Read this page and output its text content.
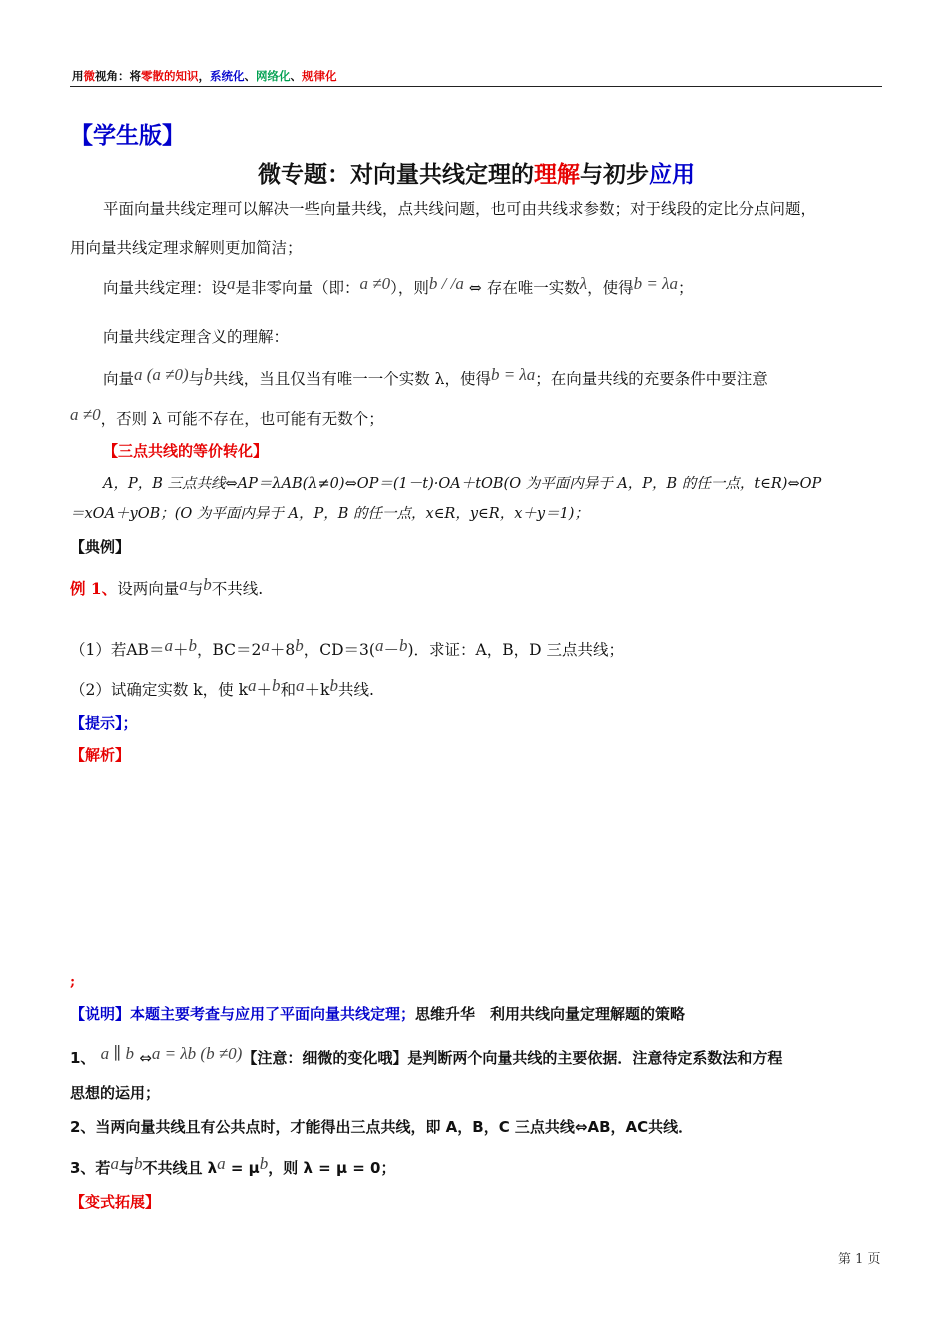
用微视角：将零散的知识，系统化、网络化、规律化
【学生版】
微专题：对向量共线定理的理解与初步应用
平面向量共线定理可以解决一些向量共线，点共线问题，也可由共线求参数；对于线段的定比分点问题，
用向量共线定理求解则更加简洁；
向量共线定理：设a是非零向量（即：a ≠0），则b / /a ⇔ 存在唯一实数λ，使得b = λa；
向量共线定理含义的理解：
向量a (a ≠0)与b共线，当且仅当有唯一一个实数 λ，使得b = λa；在向量共线的充要条件中要注意
a ≠0，否则 λ 可能不存在，也可能有无数个；
【三点共线的等价转化】
A，P，B 三点共线⇔AP＝λAB(λ≠0)⇔OP＝(1－t)·OA＋tOB(O 为平面内异于 A，P，B 的任一点，t∈R)⇔OP
＝xOA＋yOB；(O 为平面内异于 A，P，B 的任一点，x∈R，y∈R，x＋y＝1)；
【典例】
例 1、设两向量a与b不共线.
（1）若AB＝a＋b，BC＝2a＋8b，CD＝3(a－b)．求证：A，B，D 三点共线；
（2）试确定实数 k，使 ka＋b和a＋kb共线.
【提示】；
【解析】
;
【说明】本题主要考查与应用了平面向量共线定理；思维升华　利用共线向量定理解题的策略
1、 a ∥ b ⇔a = λb (b ≠0)【注意：细微的变化哦】是判断两个向量共线的主要依据．注意待定系数法和方程
思想的运用；
2、当两向量共线且有公共点时，才能得出三点共线，即 A，B，C 三点共线⇔AB，AC共线．
3、若a与b不共线且 λa = μb，则 λ = μ = 0；
【变式拓展】
第 1 页
